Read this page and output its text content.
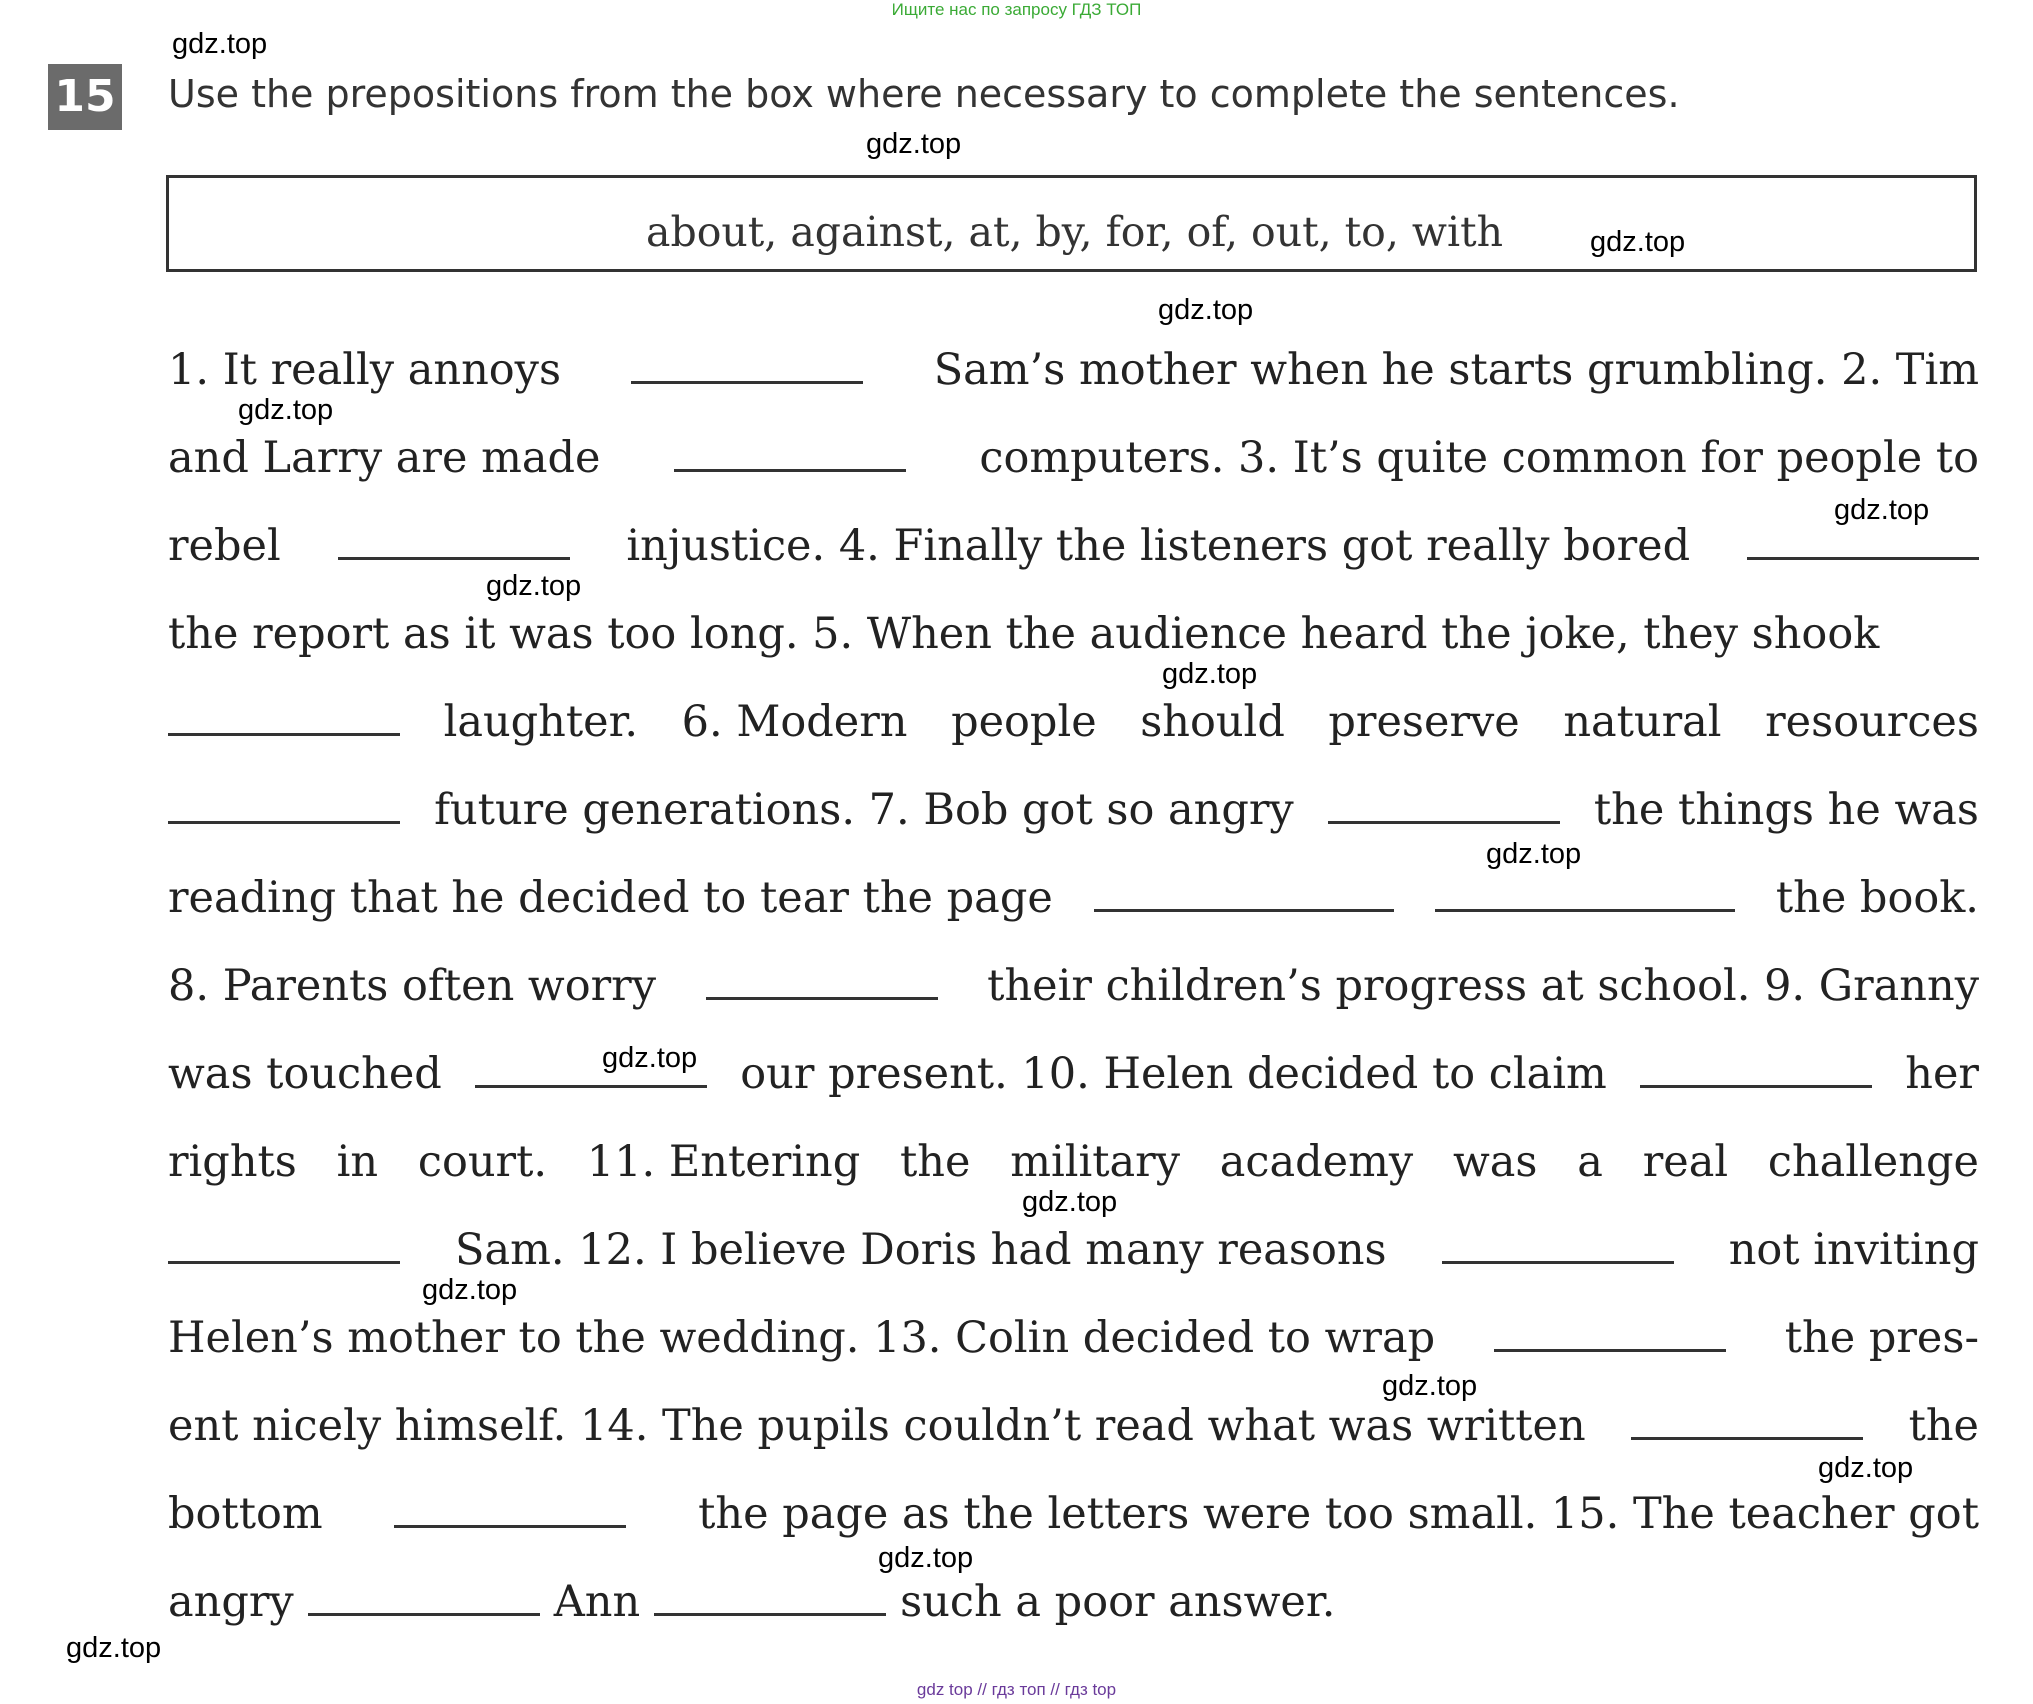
Ищите нас по запросу ГДЗ ТОП
15 Use the prepositions from the box where necessary to complete the sentences.
about, against, at, by, for, of, out, to, with
1. It really annoys	Sam’s mother when he starts grumbling. 2. Tim
and Larry are made	computers. 3. It’s quite common for people to
rebel	injustice. 4. Finally the listeners got really bored
the report as it was too long. 5. When the audience heard the joke, they shook
laughter. 6. Modern people should preserve natural resources
future generations. 7. Bob got so angry	the things he was
reading that he decided to tear the page	the book.
8. Parents often worry	their children’s progress at school. 9. Granny
was touched	our present. 10. Helen decided to claim	her
rights in court. 11. Entering the military academy was a real challenge
Sam. 12. I believe Doris had many reasons	not inviting
Helen’s mother to the wedding. 13. Colin decided to wrap	the pres-
ent nicely himself. 14. The pupils couldn’t read what was written	the
bottom	the page as the letters were too small. 15. The teacher got
angry	Ann	such a poor answer.
gdz.top
gdz.top
gdz.top
gdz.top
gdz.top
gdz.top
gdz.top
gdz.top
gdz.top
gdz.top
gdz.top
gdz.top
gdz.top
gdz.top
gdz.top
gdz.top
gdz top // гдз топ // гдз top
